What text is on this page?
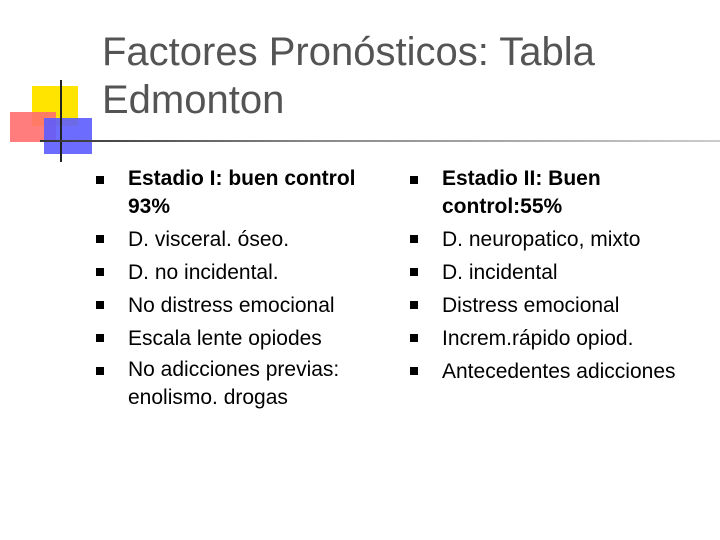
Factores Pronósticos: Tabla Edmonton
Estadio I: buen control 93%
D. visceral. óseo.
D. no incidental.
No distress emocional
Escala lente opiodes
No adicciones previas: enolismo. drogas
Estadio II: Buen control:55%
D. neuropatico, mixto
D. incidental
Distress emocional
Increm.rápido opiod.
Antecedentes adicciones
